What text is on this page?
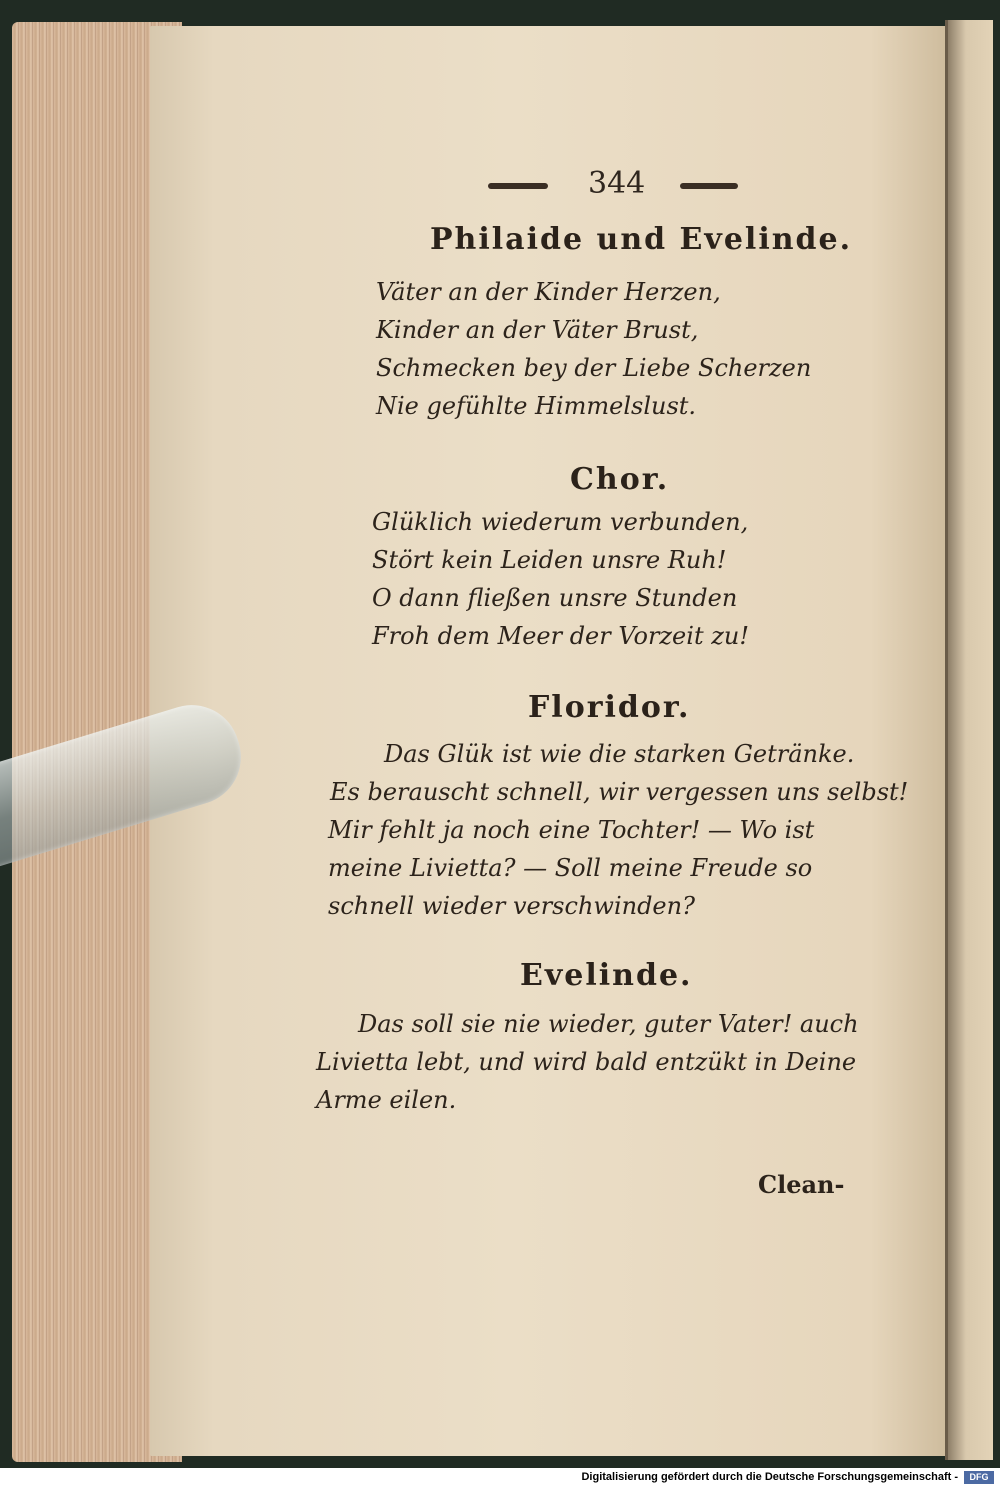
344
Philaide und Evelinde.
Väter an der Kinder Herzen,
Kinder an der Väter Brust,
Schmecken bey der Liebe Scherzen
Nie gefühlte Himmelslust.
Chor.
Glüklich wiederum verbunden,
Stört kein Leiden unsre Ruh!
O dann fließen unsre Stunden
Froh dem Meer der Vorzeit zu!
Floridor.
Das Glük ist wie die starken Getränke.
Es berauscht schnell, wir vergessen uns selbst!
Mir fehlt ja noch eine Tochter! — Wo ist
meine Livietta? — Soll meine Freude so
schnell wieder verschwinden?
Evelinde.
Das soll sie nie wieder, guter Vater! auch
Livietta lebt, und wird bald entzükt in Deine
Arme eilen.
Clean-
Digitalisierung gefördert durch die Deutsche Forschungsgemeinschaft -	DFG
